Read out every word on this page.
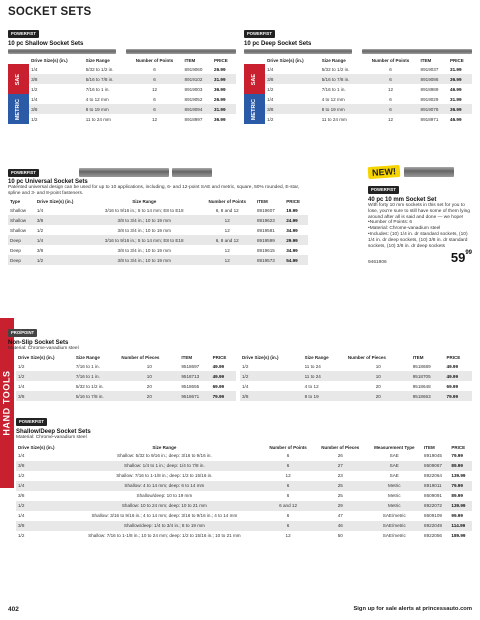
SOCKET SETS
HAND TOOLS
POWERFIST
10 pc Shallow Socket Sets
	Drive Size(s) (in.)	Size Range	Number of Points	ITEM	PRICE
SAE	1/4	5/32 to 1/2 in.	6	8919060	26.99
	3/8	5/16 to 7/8 in.	6	8919102	31.99
	1/2	7/16 to 1 in.	12	8919003	36.99
METRIC	1/4	4 to 12 mm	6	8919052	26.99
	3/8	8 to 19 mm	6	8919094	31.99
	1/2	11 to 24 mm	12	8918997	36.99
POWERFIST
10 pc Deep Socket Sets
	Drive Size(s) (in.)	Size Range	Number of Points	ITEM	PRICE
SAE	1/4	5/32 to 1/2 in.	6	8919037	31.99
	3/8	5/16 to 7/8 in.	6	8919086	36.99
	1/2	7/16 to 1 in.	12	8918989	46.99
METRIC	1/4	4 to 12 mm	6	8919029	31.99
	3/8	8 to 19 mm	6	8919078	36.99
	1/2	11 to 24 mm	12	8918971	46.99
POWERFIST
10 pc Universal Socket Sets
Patented universal design can be used for up to 10 applications, including, 6- and 12-point SAE and metric, square, 50% rounded, E-star, spline and 3- and 8-point fasteners.
Type	Drive Size(s) (in.)	Size Range	Number of Points	ITEM	PRICE
Shallow	1/4	3/16 to 9/16 in.; 5 to 14 mm; E8 to E18	6, 8 and 12	8919607	19.99
Shallow	3/8	3/8 to 3/4 in.; 10 to 19 mm	12	8919623	24.99
Shallow	1/2	3/8 to 3/4 in.; 10 to 19 mm	12	8919581	34.99
Deep	1/4	3/16 to 9/16 in.; 5 to 14 mm; E8 to E18	6, 8 and 12	8919599	29.99
Deep	3/8	3/8 to 3/4 in.; 10 to 19 mm	12	8919615	34.99
Deep	1/2	3/8 to 3/4 in.; 10 to 19 mm	12	8919573	54.99
NEW!
POWERFIST
40 pc 10 mm Socket Set
With forty 10 mm sockets in this set for you to lose, you're sure to still have some of them lying around after all is said and done — we hope!
•Number of Points: 6
•Material: Chrome-vanadium steel
•Includes: (10) 1/4 in. dr standard sockets, (10) 1/4 in. dr deep sockets, (10) 3/8 in. dr standard sockets, (10) 3/8 in. dr deep sockets
9461906	$59^{99}$
PRO/POINT
Non-Slip Socket Sets
Material: Chrome-vanadium steel
Drive Size(s) (in.)	Size Range	Number of Pieces	ITEM	PRICE
1/2	7/16 to 1 in.	10	9518697	49.99
1/2	7/16 to 1 in.	10	9518713	49.99
1/4	5/32 to 1/2 in.	20	9518655	69.99
3/8	5/16 to 7/8 in.	20	9518671	79.99
Drive Size(s) (in.)	Size Range	Number of Pieces	ITEM	PRICE
1/2	11 to 24	10	9518689	49.99
1/2	11 to 24	10	9518705	49.99
1/4	4 to 12	20	9518648	69.99
3/8	8 to 19	20	9518663	79.99
POWERFIST
Shallow/Deep Socket Sets
Material: Chrome-vanadium steel
Drive Size(s) (in.)	Size Range	Number of Points	Number of Pieces	Measurement Type	ITEM	PRICE
1/4	Shallow: 5/32 to 9/16 in.; deep: 3/16 to 9/16 in.	6	26	SAE	8919045	79.99
3/8	Shallow: 1/4 to 1 in.; deep: 1/4 to 7/8 in.	6	27	SAE	8609067	89.99
1/2	Shallow: 7/16 to 1-1/8 in.; deep: 1/2 to 15/16 in.	12	23	SAE	8922064	139.99
1/4	Shallow: 4 to 14 mm; deep: 6 to 14 mm	6	25	Metric	8919011	79.99
3/8	Shallow/deep: 10 to 19 mm	6	25	Metric	8609091	89.99
1/2	Shallow: 10 to 24 mm; deep: 10 to 21 mm	6 and 12	29	Metric	8922072	139.99
1/4	Shallow: 3/16 to 9/16 in.; 4 to 14 mm; deep: 3/16 to 9/16 in.; 4 to 14 mm	6	47	SAE/metric	8609109	99.99
3/8	Shallow/deep: 1/4 to 3/4 in.; 8 to 19 mm	6	46	SAE/metric	8922049	114.99
1/2	Shallow: 7/16 to 1-1/8 in.; 10 to 24 mm; deep: 1/2 to 15/16 in.; 10 to 21 mm	12	50	SAE/metric	8922056	189.99
402	Sign up for sale alerts at princessauto.com
